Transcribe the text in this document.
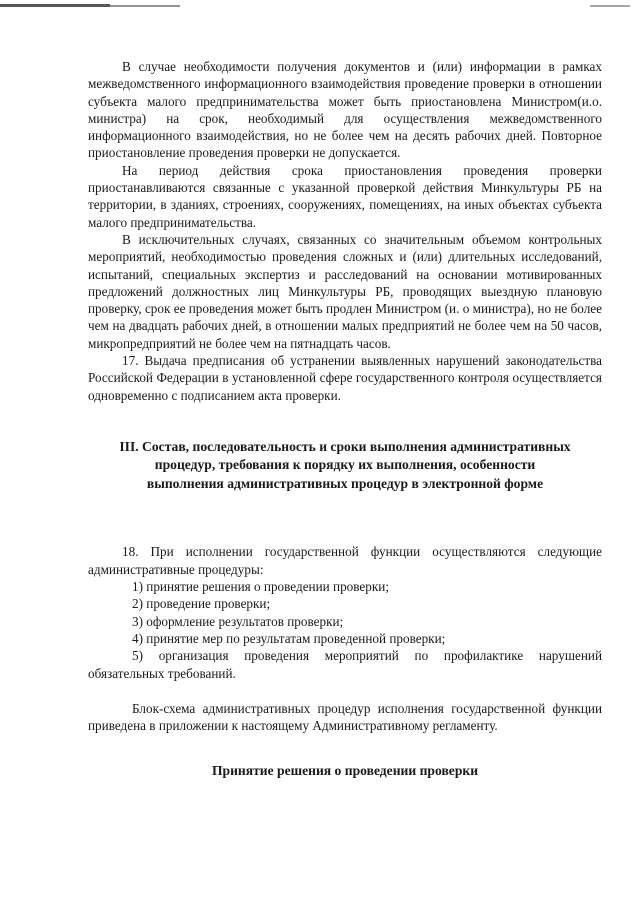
В случае необходимости получения документов и (или) информации в рамках межведомственного информационного взаимодействия проведение проверки в отношении субъекта малого предпринимательства может быть приостановлена Министром(и.о. министра) на срок, необходимый для осуществления межведомственного информационного взаимодействия, но не более чем на десять рабочих дней. Повторное приостановление проведения проверки не допускается.

На период действия срока приостановления проведения проверки приостанавливаются связанные с указанной проверкой действия Минкультуры РБ на территории, в зданиях, строениях, сооружениях, помещениях, на иных объектах субъекта малого предпринимательства.

В исключительных случаях, связанных со значительным объемом контрольных мероприятий, необходимостью проведения сложных и (или) длительных исследований, испытаний, специальных экспертиз и расследований на основании мотивированных предложений должностных лиц Минкультуры РБ, проводящих выездную плановую проверку, срок ее проведения может быть продлен Министром (и. о министра), но не более чем на двадцать рабочих дней, в отношении малых предприятий не более чем на 50 часов, микропредприятий не более чем на пятнадцать часов.

17. Выдача предписания об устранении выявленных нарушений законодательства Российской Федерации в установленной сфере государственного контроля осуществляется одновременно с подписанием акта проверки.

III. Состав, последовательность и сроки выполнения административных

процедур, требования к порядку их выполнения, особенности

выполнения административных процедур в электронной форме

18. При исполнении государственной функции осуществляются следующие административные процедуры:

1) принятие решения о проведении проверки;

2) проведение проверки;

3) оформление результатов проверки;

4) принятие мер по результатам проведенной проверки;

5) организация проведения мероприятий по профилактике нарушений обязательных требований.

Блок-схема административных процедур исполнения государственной функции приведена в приложении к настоящему Административному регламенту.

Принятие решения о проведении проверки
